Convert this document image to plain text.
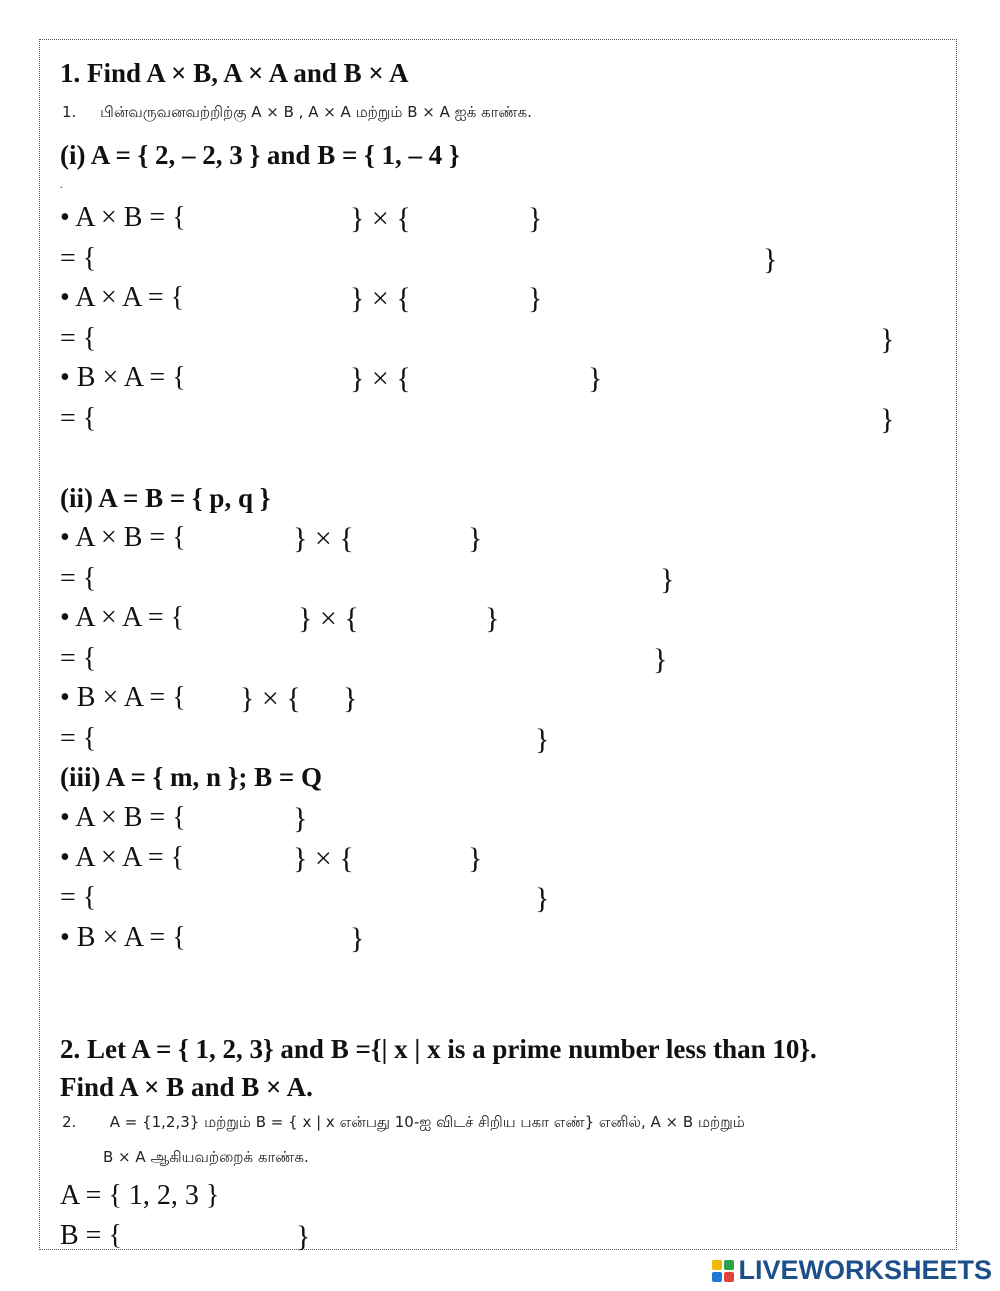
1. Find A × B, A × A and B × A
1. பின்வருவனவற்றிற்கு A × B , A × A மற்றும் B × A ஐக் காண்க.
(i) A = { 2, – 2, 3 } and B = { 1, – 4 }
.
• A × B = {	} × {	}
= {	}
• A × A = {	} × {	}
= {	}
• B × A = {	} × {	}
= {	}
(ii) A = B = { p, q }
• A × B = {	} × {	}
= {	}
• A × A = {	} × {	}
= {	}
• B × A = { } × { }
= {	}
(iii) A = { m, n }; B = Q
• A × B = {	}
• A × A = {	} × {	}
= {	}
• B × A = {	}
2. Let A = { 1, 2, 3} and B ={| x | x is a prime number less than 10}.
Find A × B and B × A.
2. A = {1,2,3} மற்றும் B = { x | x என்பது 10-ஐ விடச் சிறிய பகா எண்} எனில், A × B மற்றும்
B × A ஆகியவற்றைக் காண்க.
A = { 1, 2, 3 }
B = {	}
LIVEWORKSHEETS
